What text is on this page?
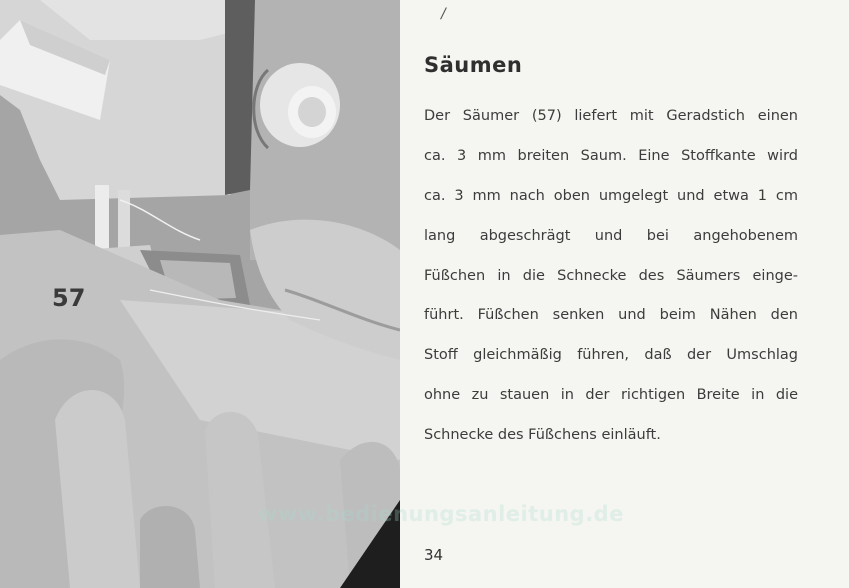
57
/
Säumen
Der Säumer (57) liefert mit Geradstich einen
ca. 3 mm breiten Saum. Eine Stoffkante wird
ca. 3 mm nach oben umgelegt und etwa 1 cm
lang abgeschrägt und bei angehobenem
Füßchen in die Schnecke des Säumers einge-
führt. Füßchen senken und beim Nähen den
Stoff gleichmäßig führen, daß der Umschlag
ohne zu stauen in der richtigen Breite in die
Schnecke des Füßchens einläuft.
www.bedienungsanleitung.de
34
